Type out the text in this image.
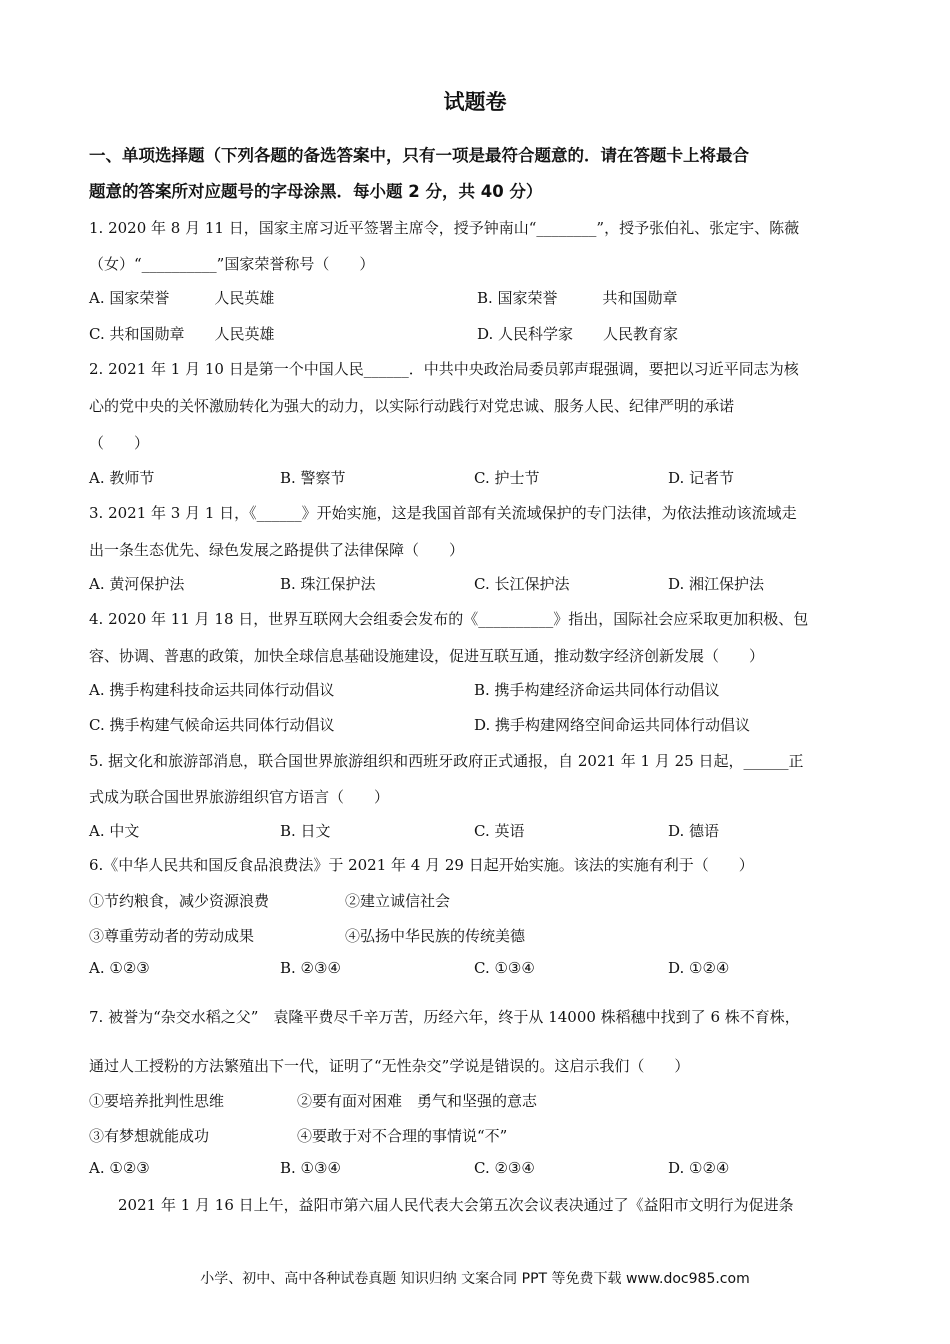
试题卷
一、单项选择题（下列各题的备选答案中，只有一项是最符合题意的．请在答题卡上将最合
题意的答案所对应题号的字母涂黑．每小题 2 分，共 40 分）
1. 2020 年 8 月 11 日，国家主席习近平签署主席令，授予钟南山“________”，授予张伯礼、张定宇、陈薇
（女）“__________”国家荣誉称号（　　）
A. 国家荣誉　　　人民英雄	B. 国家荣誉　　　共和国勋章
C. 共和国勋章　　人民英雄	D. 人民科学家　　人民教育家
2. 2021 年 1 月 10 日是第一个中国人民______．中共中央政治局委员郭声琨强调，要把以习近平同志为核
心的党中央的关怀激励转化为强大的动力，以实际行动践行对党忠诚、服务人民、纪律严明的承诺
（　　）
A. 教师节	B. 警察节	C. 护士节	D. 记者节
3. 2021 年 3 月 1 日，《______》开始实施，这是我国首部有关流域保护的专门法律，为依法推动该流域走
出一条生态优先、绿色发展之路提供了法律保障（　　）
A. 黄河保护法	B. 珠江保护法	C. 长江保护法	D. 湘江保护法
4. 2020 年 11 月 18 日，世界互联网大会组委会发布的《__________》指出，国际社会应采取更加积极、包
容、协调、普惠的政策，加快全球信息基础设施建设，促进互联互通，推动数字经济创新发展（　　）
A. 携手构建科技命运共同体行动倡议	B. 携手构建经济命运共同体行动倡议
C. 携手构建气候命运共同体行动倡议	D. 携手构建网络空间命运共同体行动倡议
5. 据文化和旅游部消息，联合国世界旅游组织和西班牙政府正式通报，自 2021 年 1 月 25 日起，______正
式成为联合国世界旅游组织官方语言（　　）
A. 中文	B. 日文	C. 英语	D. 德语
6.《中华人民共和国反食品浪费法》于 2021 年 4 月 29 日起开始实施。该法的实施有利于（　　）
①节约粮食，减少资源浪费	②建立诚信社会
③尊重劳动者的劳动成果	④弘扬中华民族的传统美德
A. ①②③	B. ②③④	C. ①③④	D. ①②④
7. 被誉为“杂交水稻之父”　袁隆平费尽千辛万苦，历经六年，终于从 14000 株稻穗中找到了 6 株不育株，
通过人工授粉的方法繁殖出下一代，证明了“无性杂交”学说是错误的。这启示我们（　　）
①要培养批判性思维	②要有面对困难　勇气和坚强的意志
③有梦想就能成功	④要敢于对不合理的事情说“不”
A. ①②③	B. ①③④	C. ②③④	D. ①②④
2021 年 1 月 16 日上午，益阳市第六届人民代表大会第五次会议表决通过了《益阳市文明行为促进条
小学、初中、高中各种试卷真题 知识归纳 文案合同 PPT 等免费下载 www.doc985.com
